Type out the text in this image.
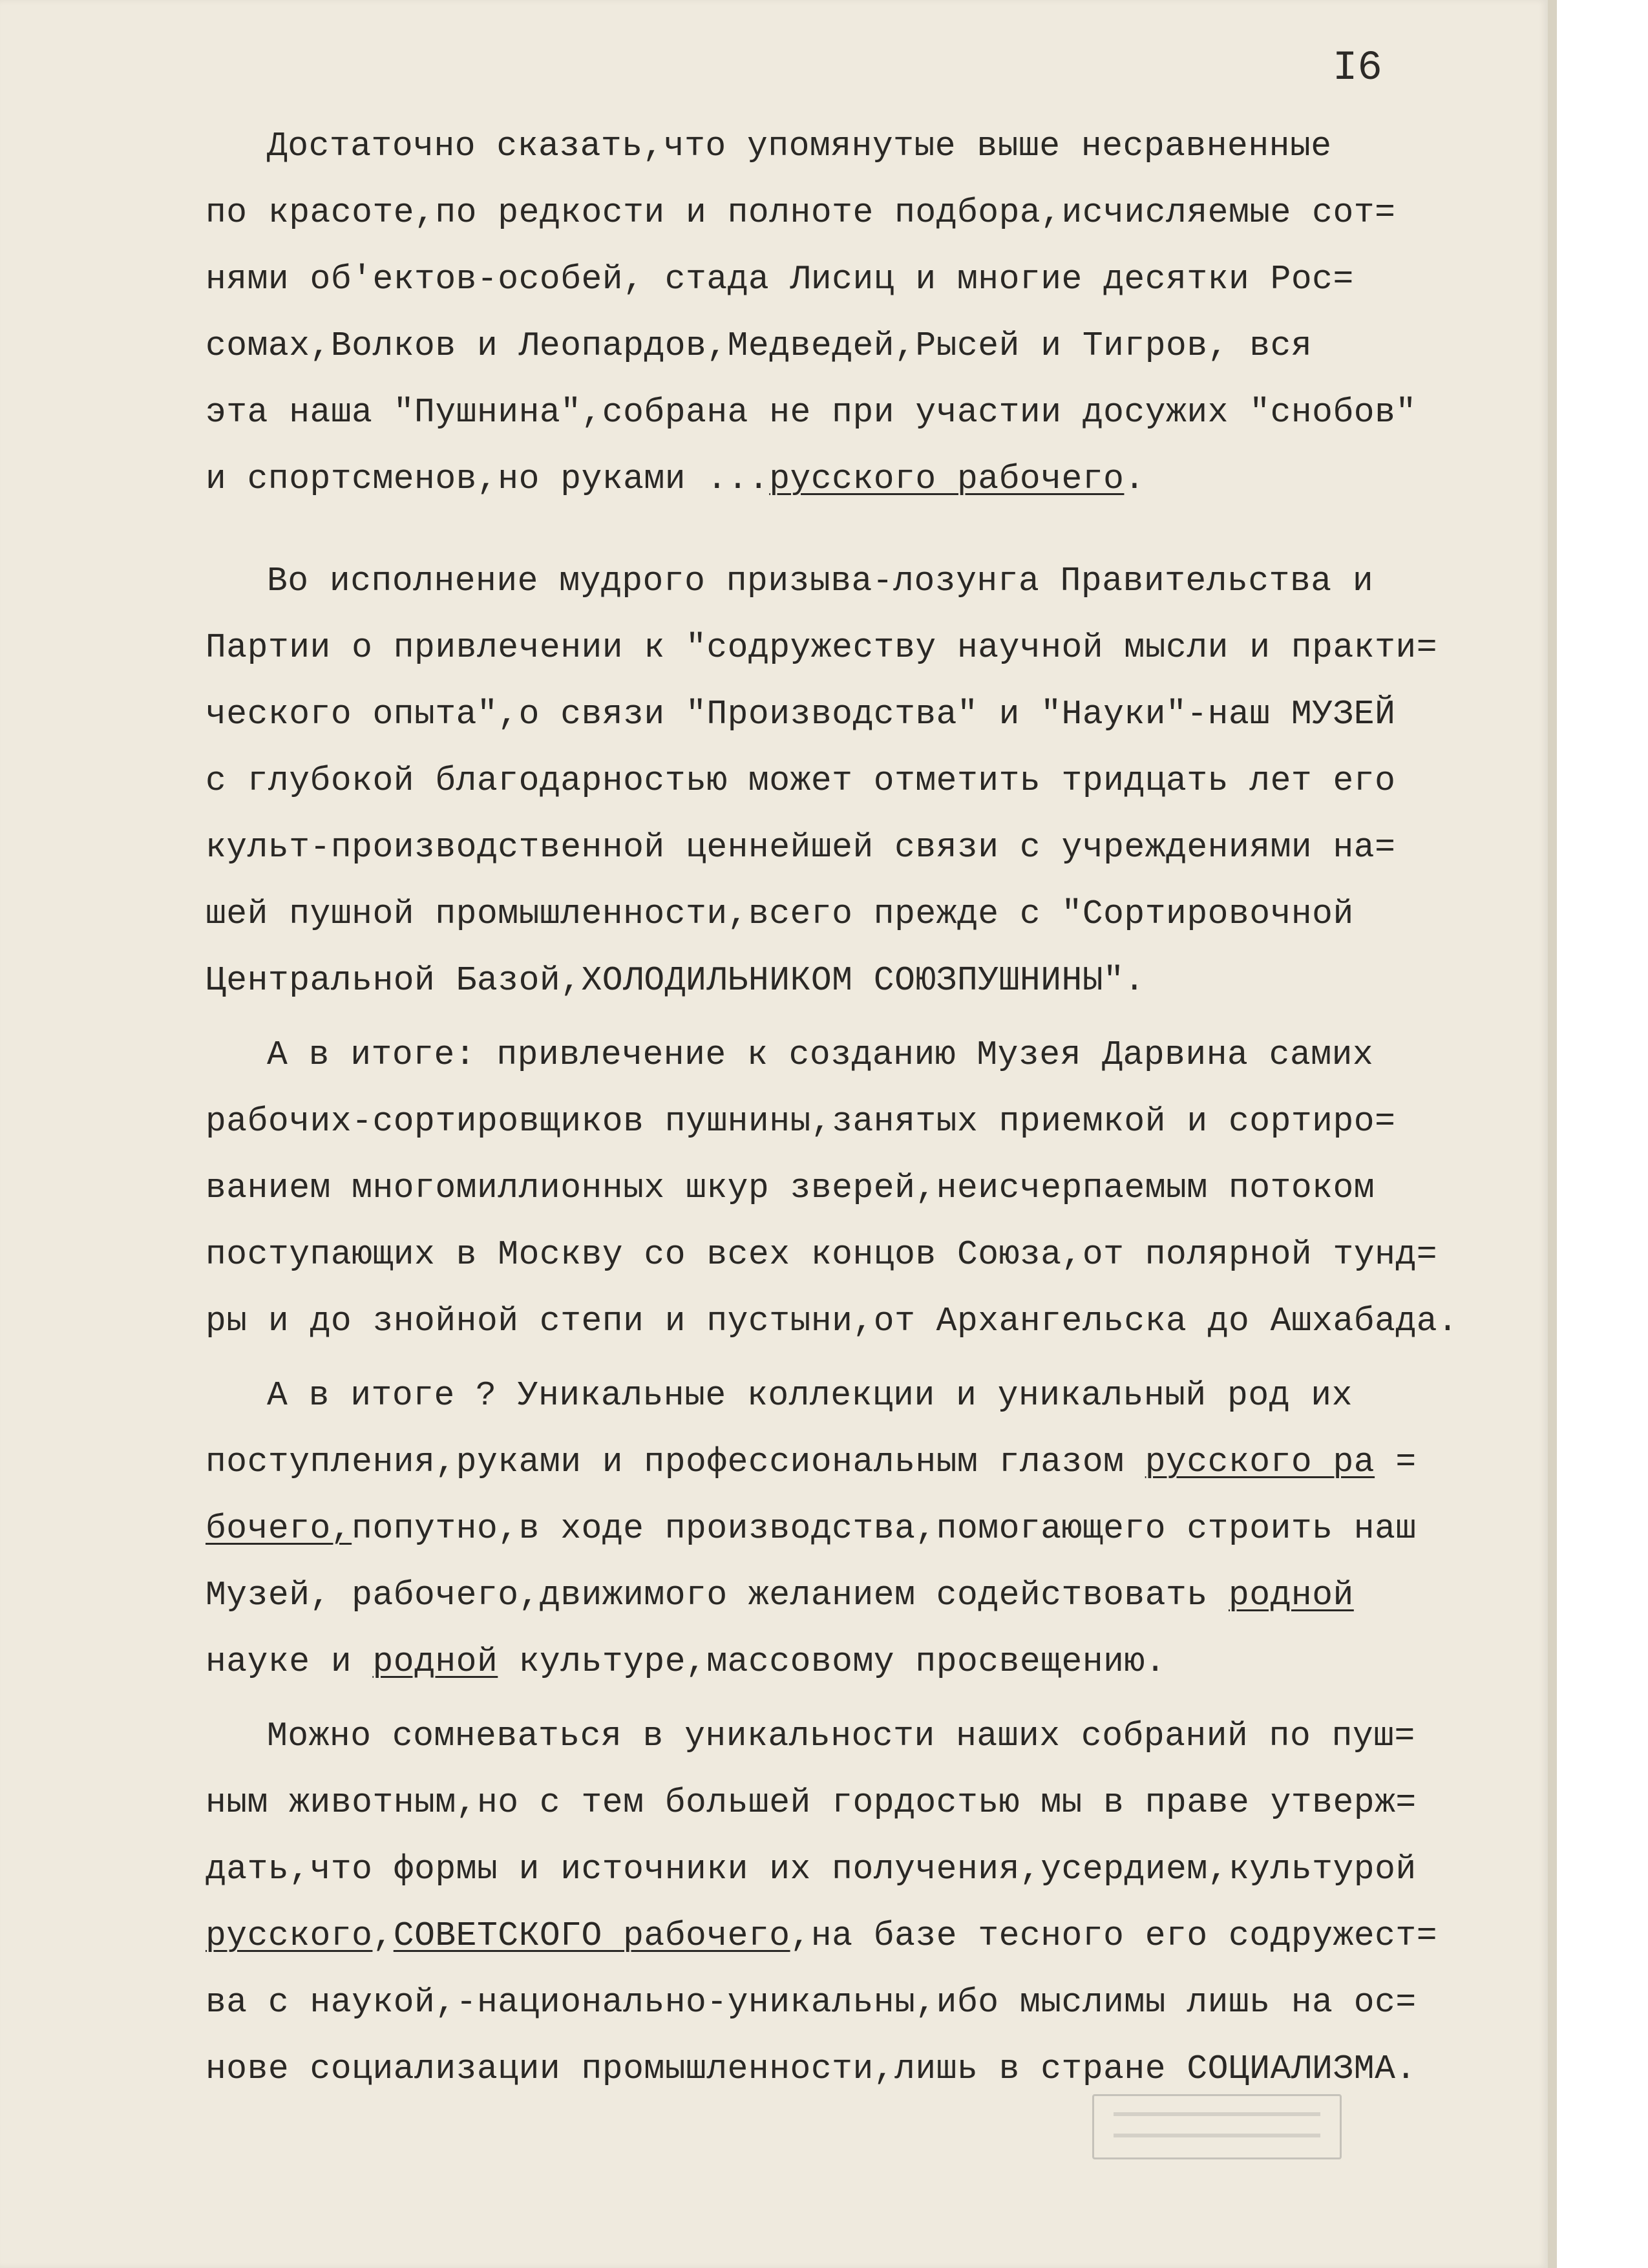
I6

Достаточно сказать,что упомянутые выше несравненные
по красоте,по редкости и полноте подбора,исчисляемые сот=
нями об'ектов-особей, стада Лисиц и многие десятки Рос=
сомах,Волков и Леопардов,Медведей,Рысей и Тигров, вся
эта наша "Пушнина",собрана не при участии досужих "снобов"
и спортсменов,но руками ...русского рабочего.

Во исполнение мудрого призыва-лозунга Правительства и
Партии о привлечении к "содружеству научной мысли и практи=
ческого опыта",о связи "Производства" и "Науки"-наш МУЗЕЙ
с глубокой благодарностью может отметить тридцать лет его
культ-производственной ценнейшей связи с учреждениями на=
шей пушной промышленности,всего прежде с "Сортировочной
Центральной Базой,ХОЛОДИЛЬНИКОМ СОЮЗПУШНИНЫ".

А в итоге: привлечение к созданию Музея Дарвина самих
рабочих-сортировщиков пушнины,занятых приемкой и сортиро=
ванием многомиллионных шкур зверей,неисчерпаемым потоком
поступающих в Москву со всех концов Союза,от полярной тунд=
ры и до знойной степи и пустыни,от Архангельска до Ашхабада.

А в итоге ? Уникальные коллекции и уникальный род их
поступления,руками и профессиональным глазом русского ра =
бочего,попутно,в ходе производства,помогающего строить наш
Музей, рабочего,движимого желанием содействовать родной
науке и родной культуре,массовому просвещению.

Можно сомневаться в уникальности наших собраний по пуш=
ным животным,но с тем большей гордостью мы в праве утверж=
дать,что формы и источники их получения,усердием,культурой
русского,СОВЕТСКОГО рабочего,на базе тесного его содружест=
ва с наукой,-национально-уникальны,ибо мыслимы лишь на ос=
нове социализации промышленности,лишь в стране СОЦИАЛИЗМА.
